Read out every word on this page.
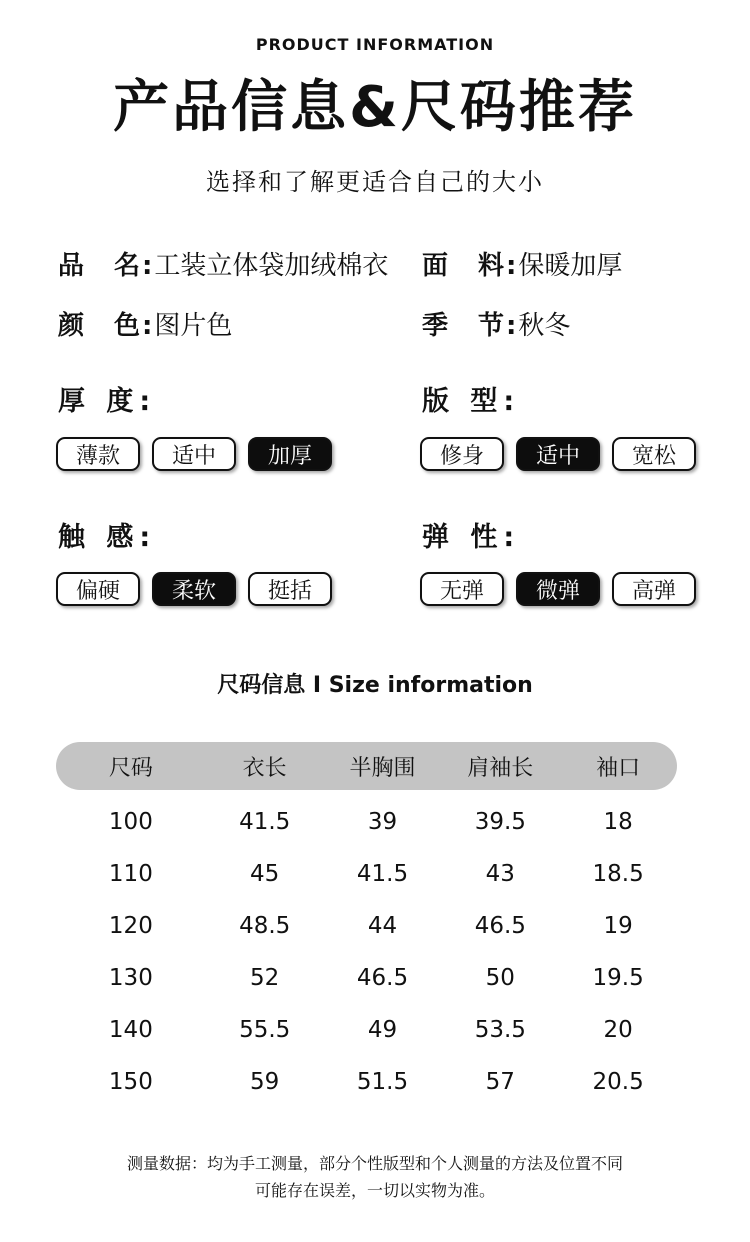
PRODUCT INFORMATION
产品信息&尺码推荐
选择和了解更适合自己的大小
品　名:工装立体袋加绒棉衣 面　料:保暖加厚
颜　色:图片色	季　节:秋冬
厚 度:
薄款	适中	加厚
版 型:
修身	适中	宽松
触 感:
偏硬	柔软	挺括
弹 性:
无弹	微弹	高弹
尺码信息 I Size information
尺码	衣长	半胸围	肩袖长	袖口
100	41.5	39	39.5	18
110	45	41.5	43	18.5
120	48.5	44	46.5	19
130	52	46.5	50	19.5
140	55.5	49	53.5	20
150	59	51.5	57	20.5
测量数据：均为手工测量，部分个性版型和个人测量的方法及位置不同
可能存在误差，一切以实物为准。
